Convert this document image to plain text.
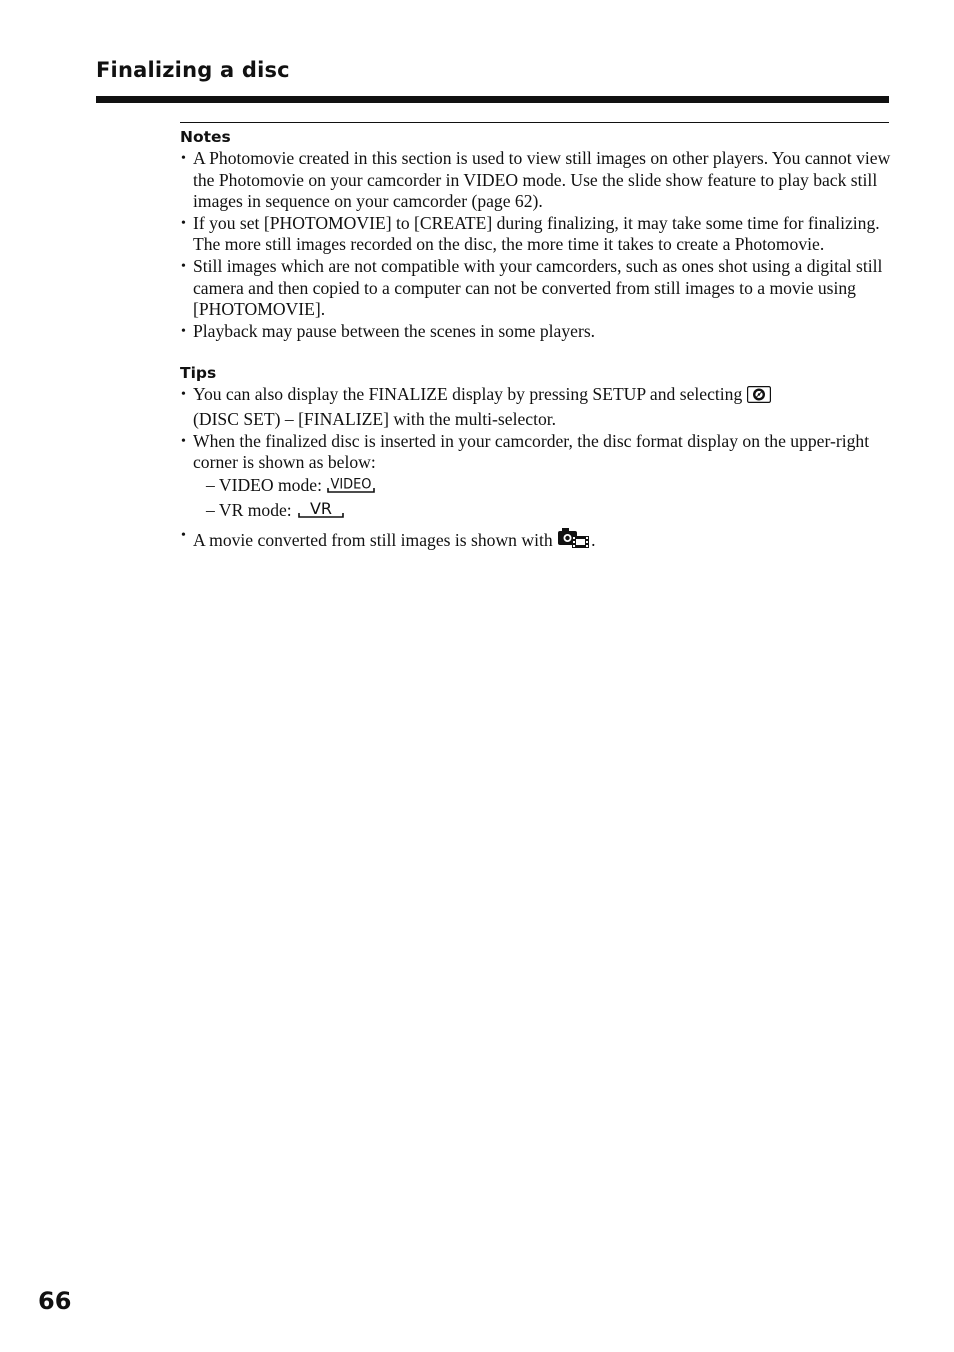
Finalizing a disc
Notes
• A Photomovie created in this section is used to view still images on other players. You cannot view the Photomovie on your camcorder in VIDEO mode. Use the slide show feature to play back still images in sequence on your camcorder (page 62).
• If you set [PHOTOMOVIE] to [CREATE] during finalizing, it may take some time for finalizing. The more still images recorded on the disc, the more time it takes to create a Photomovie.
• Still images which are not compatible with your camcorders, such as ones shot using a digital still camera and then copied to a computer can not be converted from still images to a movie using [PHOTOMOVIE].
• Playback may pause between the scenes in some players.
Tips
• You can also display the FINALIZE display by pressing SETUP and selecting
(DISC SET) – [FINALIZE] with the multi-selector.
• When the finalized disc is inserted in your camcorder, the disc format display on the upper-right corner is shown as below:
– VIDEO mode: VIDEO
– VR mode: VR
• A movie converted from still images is shown with .
66
